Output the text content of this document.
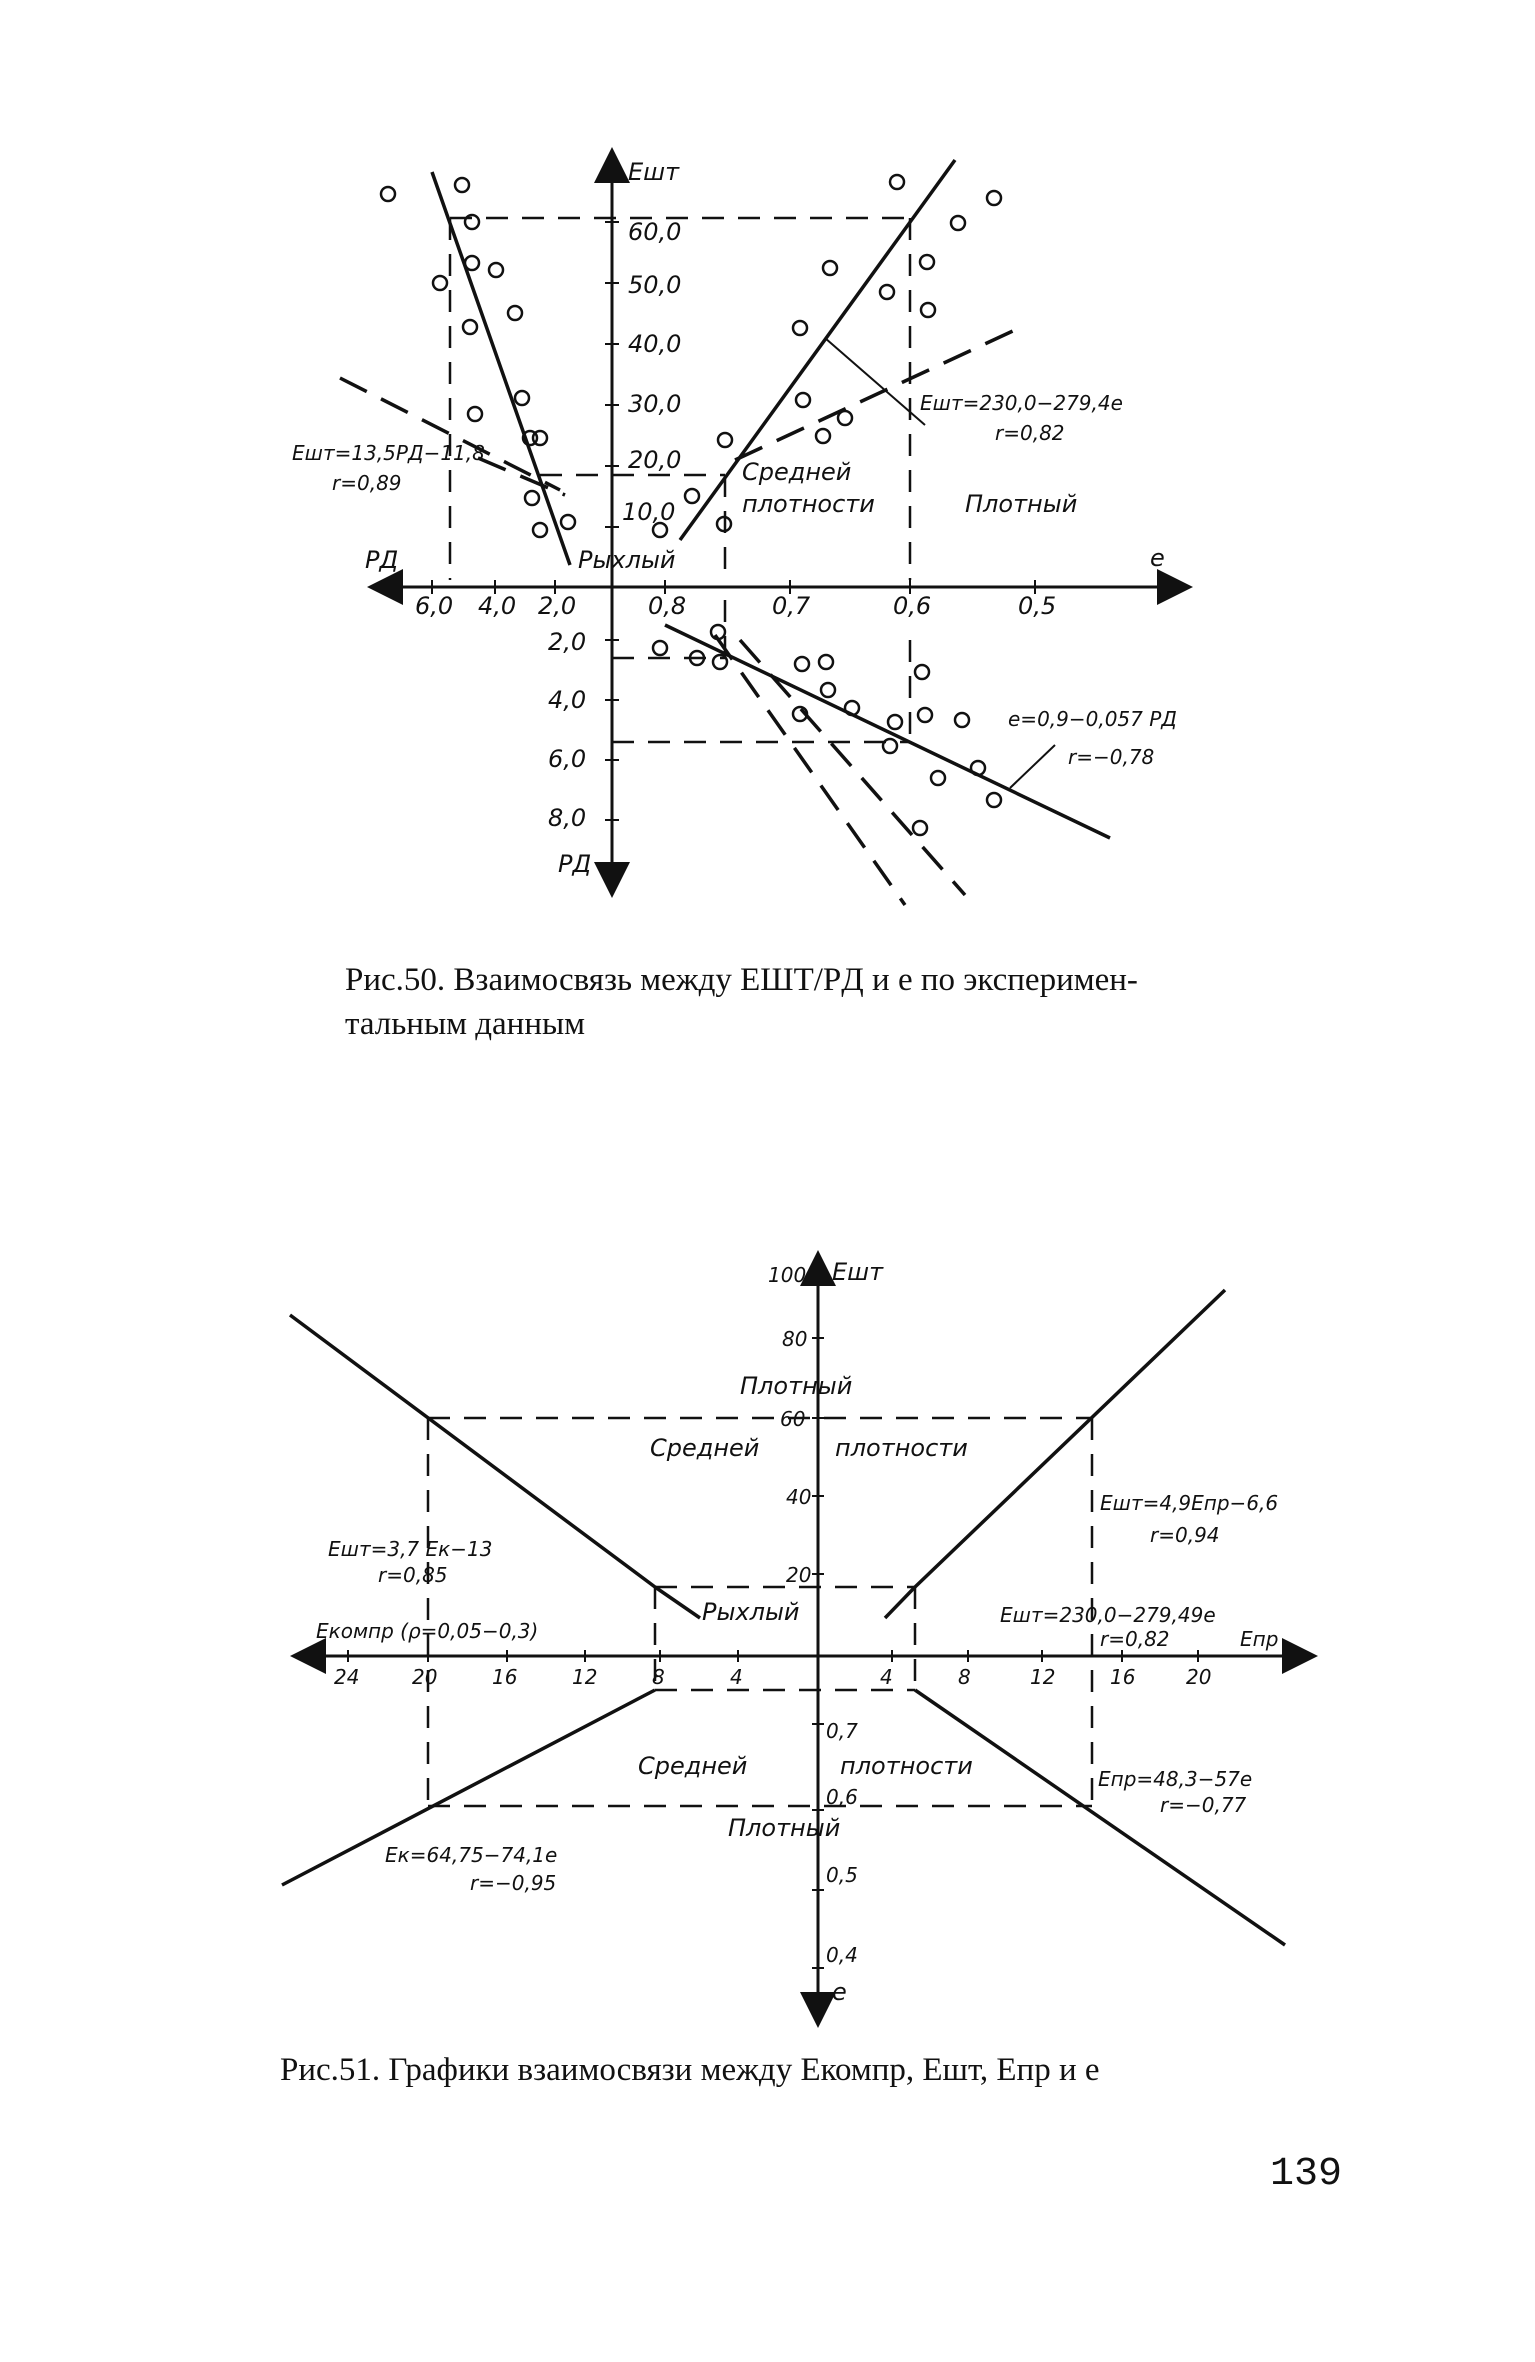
Eшт
PД
PД	e
60,0
50,0
40,0
30,0
20,0
10,0
2,0
4,0
6,0
8,0
6,0 4,0 2,0	0,8	0,7	0,6	0,5
Рыхлый
Средней
плотности	Плотный
Eшт=13,5PД−11,8
r=0,89
Eшт=230,0−279,4e
r=0,82
e=0,9−0,057 PД
r=−0,78
Eшт
e
Eкомпр (ρ=0,05−0,3)	Eпр
100
80
60
40
20
0,7
0,6
0,5
0,4
24	20	16	12	8	4	4	8	12	16	20
Плотный
Средней	плотности
Рыхлый
Средней	плотности
Плотный
Eшт=3,7 Eк−13
r=0,85
Eшт=4,9Eпр−6,6
r=0,94
Eшт=230,0−279,49e
r=0,82
Eк=64,75−74,1e
r=−0,95
Eпр=48,3−57e
r=−0,77
Рис.50. Взаимосвязь между EШТ/PД и e по эксперимен-
тальным данным
Рис.51. Графики взаимосвязи между Eкомпр, Eшт, Eпр и e
139
